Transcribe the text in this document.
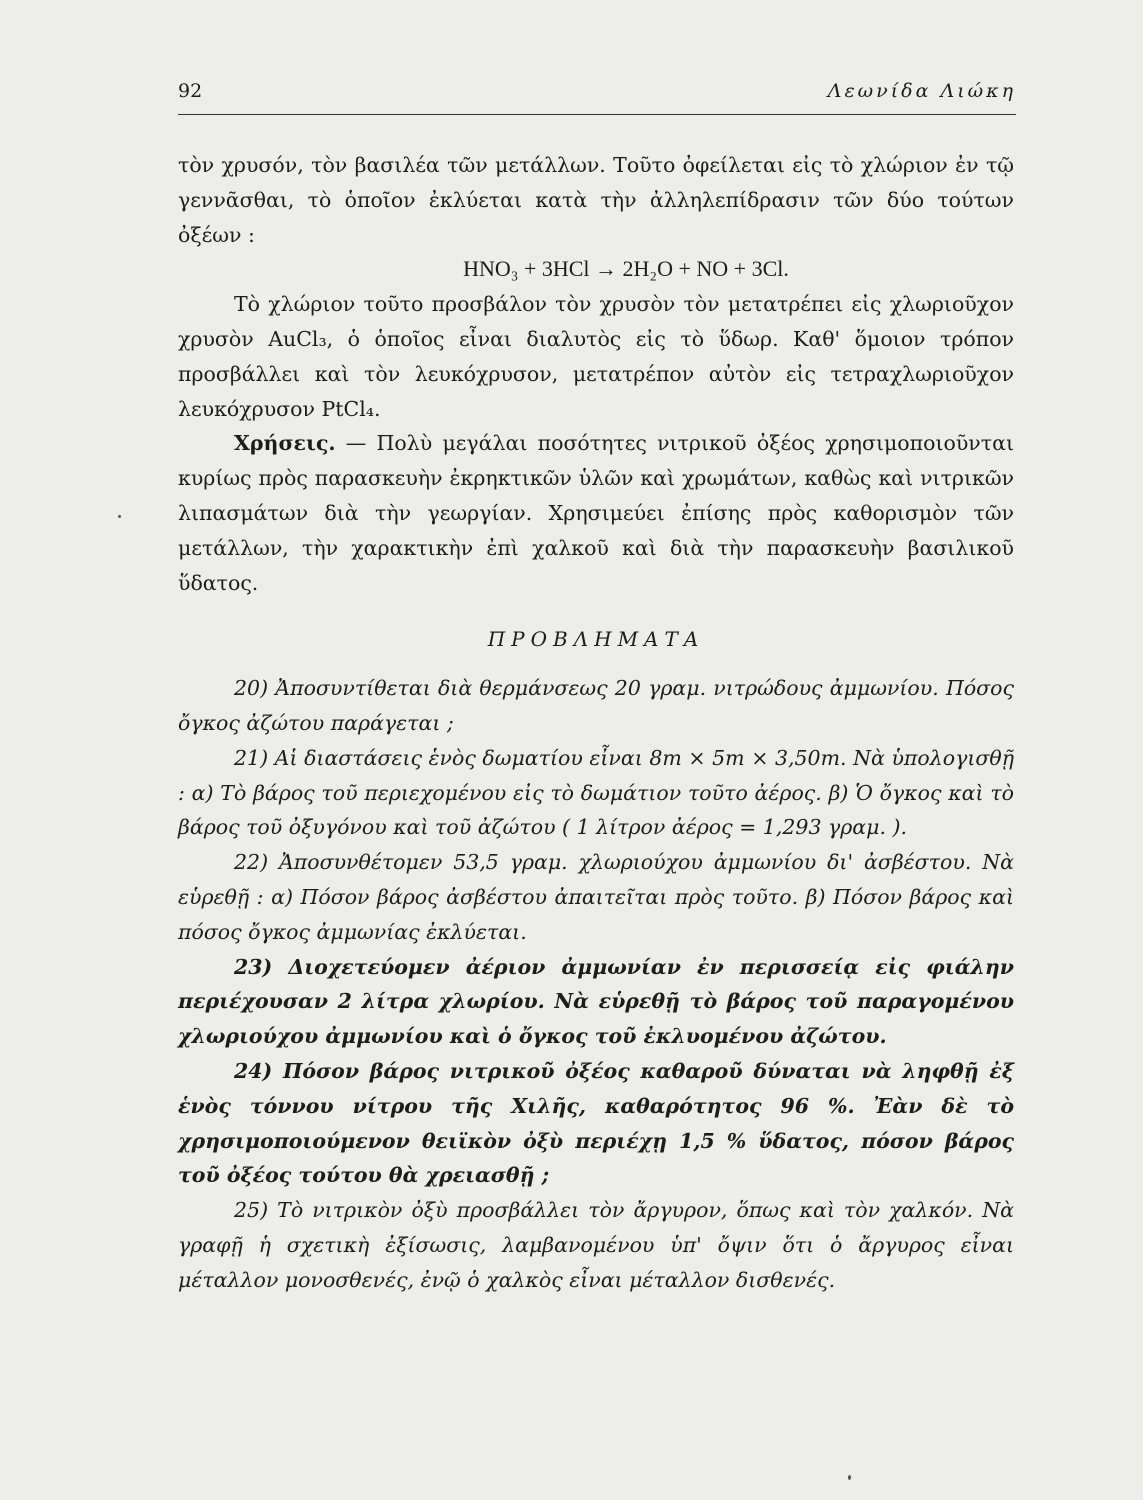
92	Λεωνίδα Λιώκη

τὸν χρυσόν, τὸν βασιλέα τῶν μετάλλων. Τοῦτο ὀφείλεται εἰς τὸ χλώριον ἐν τῷ γεννᾶσθαι, τὸ ὁποῖον ἐκλύεται κατὰ τὴν ἀλληλεπίδρασιν τῶν δύο τούτων ὀξέων :

HNO₃ + 3HCl → 2H₂O + NO + 3Cl.

Τὸ χλώριον τοῦτο προσβάλον τὸν χρυσὸν τὸν μετατρέπει εἰς χλωριοῦχον χρυσὸν AuCl₃, ὁ ὁποῖος εἶναι διαλυτὸς εἰς τὸ ὕδωρ. Καθ' ὅμοιον τρόπον προσβάλλει καὶ τὸν λευκόχρυσον, μετατρέπον αὐτὸν εἰς τετραχλωριοῦχον λευκόχρυσον PtCl₄.

Χρήσεις. — Πολὺ μεγάλαι ποσότητες νιτρικοῦ ὀξέος χρησιμοποιοῦνται κυρίως πρὸς παρασκευὴν ἐκρηκτικῶν ὑλῶν καὶ χρωμάτων, καθὼς καὶ νιτρικῶν λιπασμάτων διὰ τὴν γεωργίαν. Χρησιμεύει ἐπίσης πρὸς καθορισμὸν τῶν μετάλλων, τὴν χαρακτικὴν ἐπὶ χαλκοῦ καὶ διὰ τὴν παρασκευὴν βασιλικοῦ ὕδατος.

ΠΡΟΒΛΗΜΑΤΑ

20) Ἀποσυντίθεται διὰ θερμάνσεως 20 γραμ. νιτρώδους ἀμμωνίου. Πόσος ὄγκος ἀζώτου παράγεται ;

21) Αἱ διαστάσεις ἑνὸς δωματίου εἶναι 8m × 5m × 3,50m. Νὰ ὑπολογισθῇ : α) Τὸ βάρος τοῦ περιεχομένου εἰς τὸ δωμάτιον τοῦτο ἀέρος. β) Ὁ ὄγκος καὶ τὸ βάρος τοῦ ὀξυγόνου καὶ τοῦ ἀζώτου ( 1 λίτρον ἀέρος = 1,293 γραμ. ).

22) Ἀποσυνθέτομεν 53,5 γραμ. χλωριούχου ἀμμωνίου δι' ἀσβέστου. Νὰ εὑρεθῇ : α) Πόσον βάρος ἀσβέστου ἀπαιτεῖται πρὸς τοῦτο. β) Πόσον βάρος καὶ πόσος ὄγκος ἀμμωνίας ἐκλύεται.

23) Διοχετεύομεν ἀέριον ἀμμωνίαν ἐν περισσείᾳ εἰς φιάλην περιέχουσαν 2 λίτρα χλωρίου. Νὰ εὑρεθῇ τὸ βάρος τοῦ παραγομένου χλωριούχου ἀμμωνίου καὶ ὁ ὄγκος τοῦ ἐκλυομένου ἀζώτου.

24) Πόσον βάρος νιτρικοῦ ὀξέος καθαροῦ δύναται νὰ ληφθῇ ἐξ ἑνὸς τόννου νίτρου τῆς Χιλῆς, καθαρότητος 96 %. Ἐὰν δὲ τὸ χρησιμοποιούμενον θειϊκὸν ὀξὺ περιέχῃ 1,5 % ὕδατος, πόσον βάρος τοῦ ὀξέος τούτου θὰ χρειασθῇ ;

25) Τὸ νιτρικὸν ὀξὺ προσβάλλει τὸν ἄργυρον, ὅπως καὶ τὸν χαλκόν. Νὰ γραφῇ ἡ σχετικὴ ἐξίσωσις, λαμβανομένου ὑπ' ὄψιν ὅτι ὁ ἄργυρος εἶναι μέταλλον μονοσθενές, ἐνῷ ὁ χαλκὸς εἶναι μέταλλον δισθενές.
